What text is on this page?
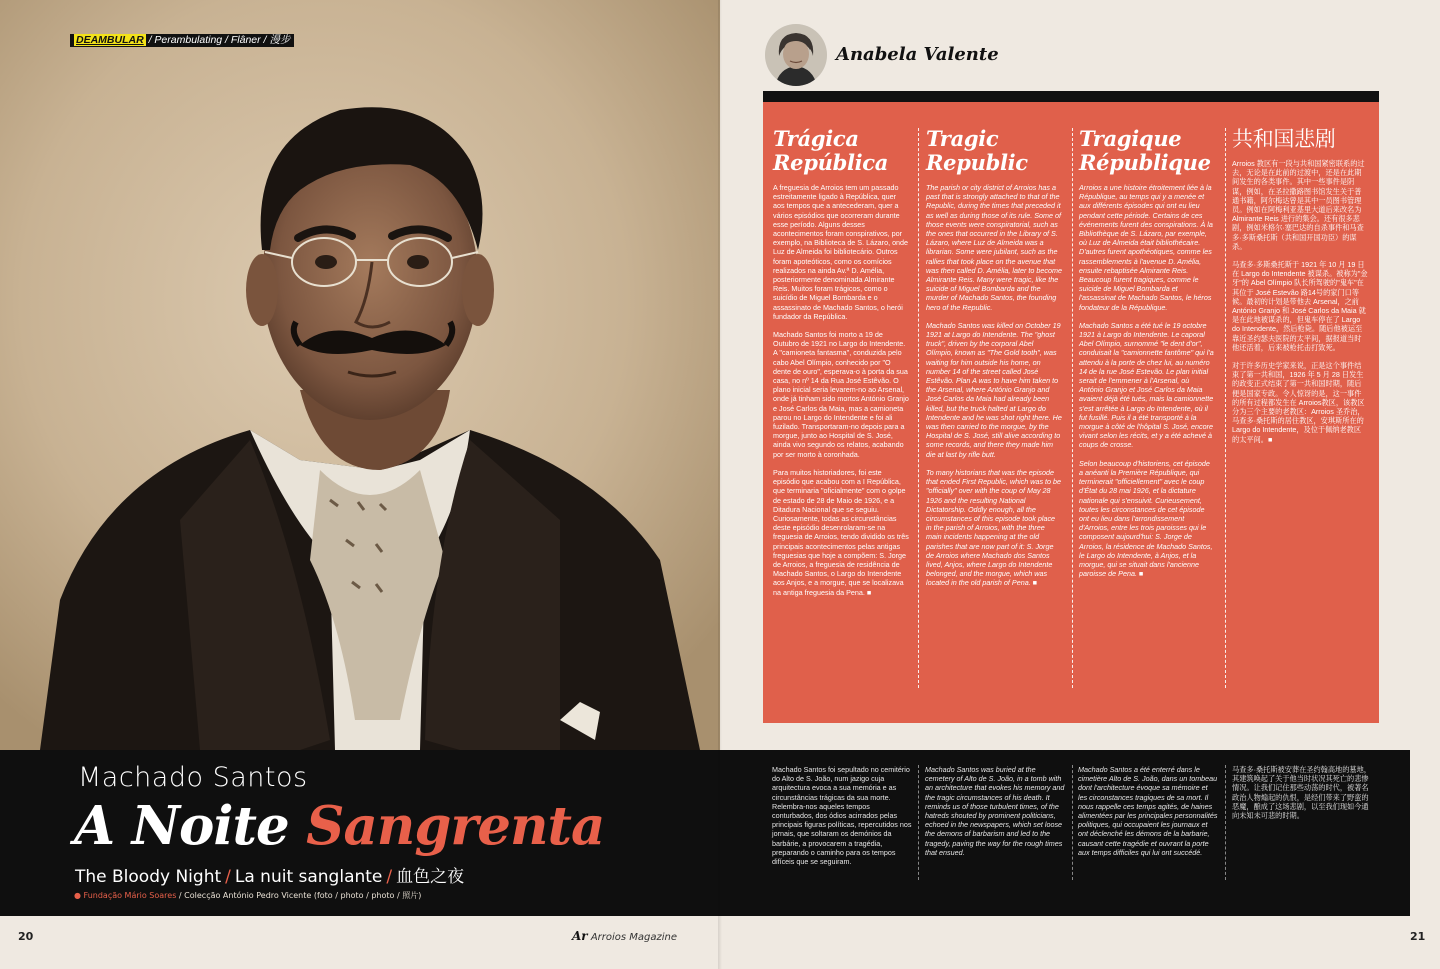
DEAMBULAR / Perambulating / Flâner / 漫步
Machado Santos
A Noite Sangrenta
The Bloody Night / La nuit sanglante / 血色之夜
● Fundação Mário Soares / Colecção António Pedro Vicente (foto / photo / photo / 照片)
20	Ar Arroios Magazine
Anabela Valente
Trágica República

A freguesia de Arroios tem um passado estreitamente ligado à República, quer aos tempos que a antecederam, quer a vários episódios que ocorreram durante esse período. Alguns desses acontecimentos foram conspirativos, por exemplo, na Biblioteca de S. Lázaro, onde Luz de Almeida foi bibliotecário. Outros foram apoteóticos, como os comícios realizados na ainda Av.ª D. Amélia, posteriormente denominada Almirante Reis. Muitos foram trágicos, como o suicídio de Miguel Bombarda e o assassinato de Machado Santos, o herói fundador da República.

Machado Santos foi morto a 19 de Outubro de 1921 no Largo do Intendente. A "camioneta fantasma", conduzida pelo cabo Abel Olímpio, conhecido por "O dente de ouro", esperava-o à porta da sua casa, no nº 14 da Rua José Estêvão. O plano inicial seria levarem-no ao Arsenal, onde já tinham sido mortos António Granjo e José Carlos da Maia, mas a camioneta parou no Largo do Intendente e foi ali fuzilado. Transportaram-no depois para a morgue, junto ao Hospital de S. José, ainda vivo segundo os relatos, acabando por ser morto à coronhada.

Para muitos historiadores, foi este episódio que acabou com a I República, que terminaria "oficialmente" com o golpe de estado de 28 de Maio de 1926, e a Ditadura Nacional que se seguiu. Curiosamente, todas as circunstâncias deste episódio desenrolaram-se na freguesia de Arroios, tendo dividido os três principais acontecimentos pelas antigas freguesias que hoje a compõem: S. Jorge de Arroios, a freguesia de residência de Machado Santos, o Largo do Intendente aos Anjos, e a morgue, que se localizava na antiga freguesia da Pena. ■

Tragic Republic

The parish or city district of Arroios has a past that is strongly attached to that of the Republic, during the times that preceded it as well as during those of its rule. Some of those events were conspiratorial, such as the ones that occurred in the Library of S. Lázaro, where Luz de Almeida was a librarian. Some were jubilant, such as the rallies that took place on the avenue that was then called D. Amélia, later to become Almirante Reis. Many were tragic, like the suicide of Miguel Bombarda and the murder of Machado Santos, the founding hero of the Republic.

Machado Santos was killed on October 19 1921 at Largo do Intendente. The "ghost truck", driven by the corporal Abel Olímpio, known as "The Gold tooth", was waiting for him outside his home, on number 14 of the street called José Estêvão. Plan A was to have him taken to the Arsenal, where António Granjo and José Carlos da Maia had already been killed, but the truck halted at Largo do Intendente and he was shot right there. He was then carried to the morgue, by the Hospital de S. José, still alive according to some records, and there they made him die at last by rifle butt.

To many historians that was the episode that ended First Republic, which was to be "officially" over with the coup of May 28 1926 and the resulting National Dictatorship. Oddly enough, all the circumstances of this episode took place in the parish of Arroios, with the three main incidents happening at the old parishes that are now part of it: S. Jorge de Arroios where Machado dos Santos lived, Anjos, where Largo do Intendente belonged, and the morgue, which was located in the old parish of Pena. ■

Tragique République

Arroios a une histoire étroitement liée à la République, au temps qui y a menée et aux différents épisodes qui ont eu lieu pendant cette période. Certains de ces événements furent des conspirations. À la Bibliothèque de S. Lázaro, par exemple, où Luz de Almeida était bibliothécaire. D'autres furent apothéotiques, comme les rassemblements à l'avenue D. Amélia, ensuite rebaptisée Almirante Reis. Beaucoup furent tragiques, comme le suicide de Miguel Bombarda et l'assassinat de Machado Santos, le héros fondateur de la République.

Machado Santos a été tué le 19 octobre 1921 à Largo do Intendente. Le caporal Abel Olímpio, surnommé "le dent d'or", conduisait la "camionnette fantôme" qui l'a attendu à la porte de chez lui, au numéro 14 de la rue José Estevão. Le plan initial serait de l'emmener à l'Arsenal, où António Granjo et José Carlos da Maia avaient déjà été tués, mais la camionnette s'est arrêtée à Largo do Intendente, où il fut fusillé. Puis il a été transporté à la morgue à côté de l'hôpital S. José, encore vivant selon les récits, et y a été achevé à coups de crosse.

Selon beaucoup d'historiens, cet épisode a anéanti la Première République, qui terminerait "officiellement" avec le coup d'État du 28 mai 1926, et la dictature nationale qui s'ensuivit. Curieusement, toutes les circonstances de cet épisode ont eu lieu dans l'arrondissement d'Arroios, entre les trois paroisses qui le composent aujourd'hui: S. Jorge de Arroios, la résidence de Machado Santos, le Largo do Intendente, à Anjos, et la morgue, qui se situait dans l'ancienne paroisse de Pena. ■

共和国悲剧

Arroios 教区有一段与共和国紧密联系的过去，无论是在此前的过渡中，还是在此期间发生的各类事件。其中一些事件是阴谋，例如，在圣拉撒路图书馆发生关于普通书籍，阿尔梅达曾是其中一员图书管理员。例如在阿梅利亚基里大道后来改名为 Almirante Reis 进行的集会。还有很多悲剧，例如米格尔·塞巴达的自杀事件和马查多·多斯桑托斯（共和国开国功臣）的谋杀。

马查多·多斯桑托斯于 1921 年 10 月 19 日在 Largo do Intendente 被谋杀。被称为"金牙"的 Abel Olímpio 队长所驾驶的"鬼车"在其位于 José Estevão 路14号的家门口等候。最初的计划是带他去 Arsenal，之前 António Granjo 和 José Carlos da Maia 就是在此地被谋杀的，但鬼车停在了 Largo do Intendente，然后枪毙。随后他被运至靠近圣约瑟夫医院的太平间，据报道当时他还活着，后来被枪托击打致死。

对于许多历史学家来说，正是这个事件结束了第一共和国，1926 年 5 月 28 日发生的政变正式结束了第一共和国时期，随后便是国家专政。令人惊讶的是，这一事件的所有过程都发生在 Arroios教区，该教区分为三个主要的老教区：Arroios 圣乔治，马查多·桑托斯的居住教区，安琪斯所在的 Largo do Intendente，及位于佩纳老教区的太平间。■

Machado Santos foi sepultado no cemitério do Alto de S. João, num jazigo cuja arquitectura evoca a sua memória e as circunstâncias trágicas da sua morte. Relembra-nos aqueles tempos conturbados, dos ódios acirrados pelas principais figuras políticas, repercutidos nos jornais, que soltaram os demónios da barbárie, a provocarem a tragédia, preparando o caminho para os tempos difíceis que se seguiram.
Machado Santos was buried at the cemetery of Alto de S. João, in a tomb with an architecture that evokes his memory and the tragic circumstances of his death. It reminds us of those turbulent times, of the hatreds shouted by prominent politicians, echoed in the newspapers, which set loose the demons of barbarism and led to the tragedy, paving the way for the rough times that ensued.
Machado Santos a été enterré dans le cimetière Alto de S. João, dans un tombeau dont l'architecture évoque sa mémoire et les circonstances tragiques de sa mort. Il nous rappelle ces temps agités, de haines alimentées par les principales personnalités politiques, qui occupaient les journaux et ont déclenché les démons de la barbarie, causant cette tragédie et ouvrant la porte aux temps difficiles qui lui ont succédé.
马查多·桑托斯被安葬在圣约翰高地的墓地，其建筑唤起了关于他当时状况其死亡的悲惨情况。让我们记住那些动荡的时代，被著名政治人物煽起的仇恨，是经们带来了野蛮的恶魔，酿成了这场悲剧，以至我们现如今通向未知未可悲的时期。
21
